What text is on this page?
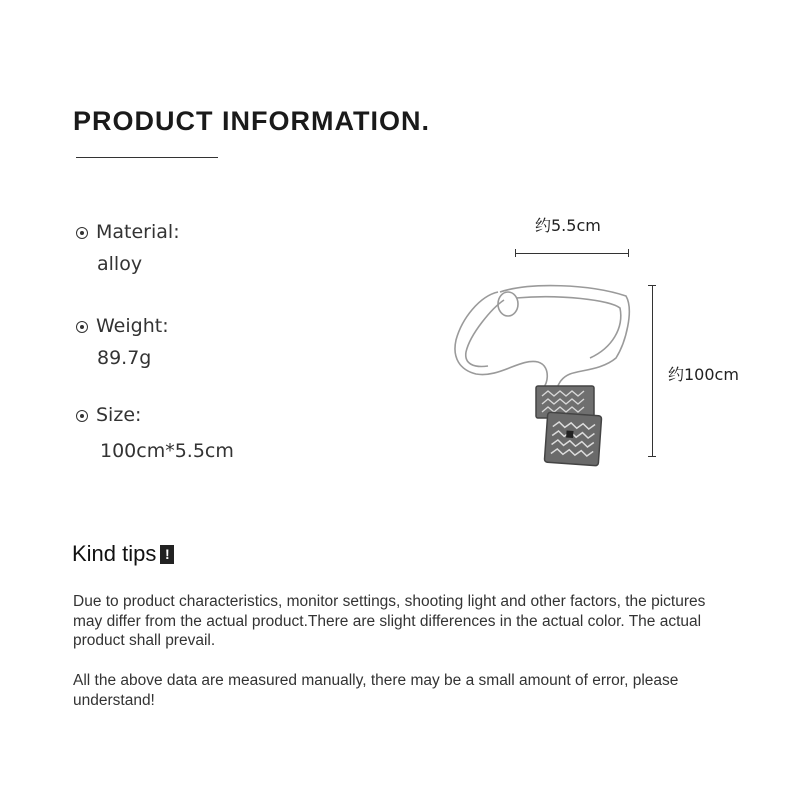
PRODUCT INFORMATION.
Material:
alloy
Weight:
89.7g
Size:
100cm*5.5cm
约5.5cm
约100cm
Kind tips !

Due to product characteristics, monitor settings, shooting light and other factors, the pictures may differ from the actual product.There are slight differences in the actual color. The actual product shall prevail.

All the above data are measured manually, there may be a small amount of error, please understand!
